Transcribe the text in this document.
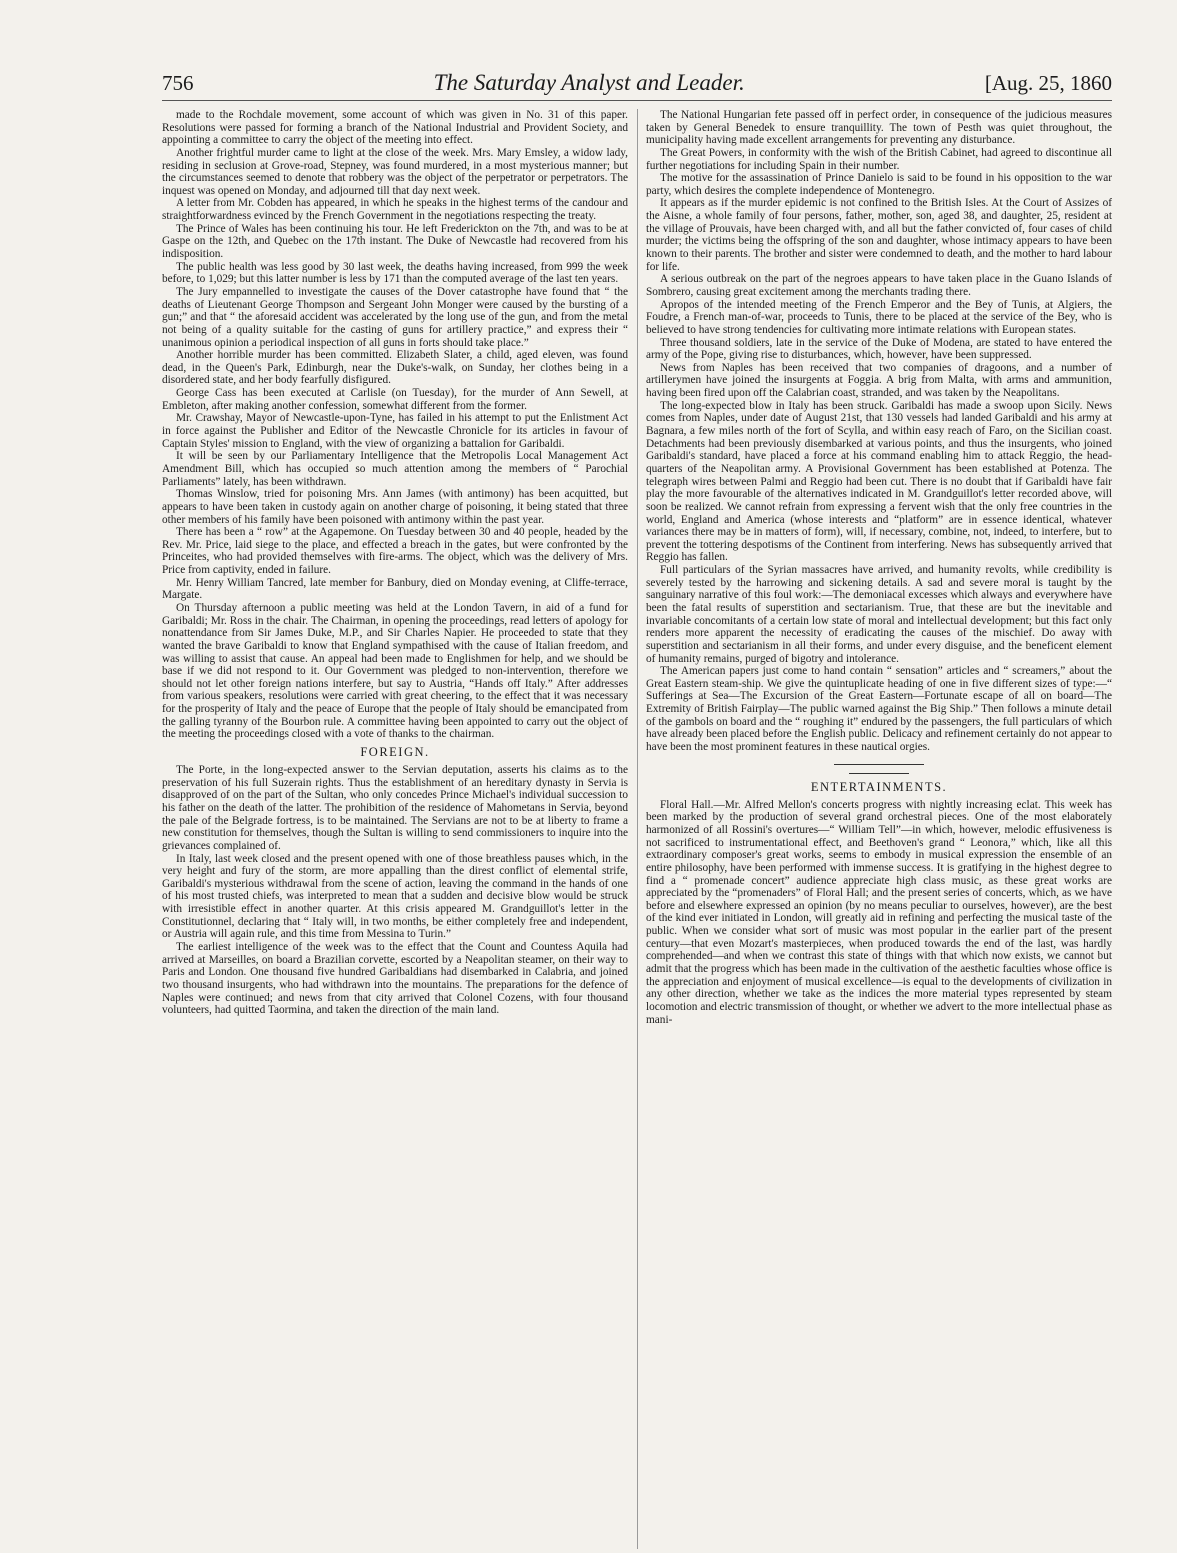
756	The Saturday Analyst and Leader.	[Aug. 25, 1860

made to the Rochdale movement, some account of which was given in No. 31 of this paper. Resolutions were passed for forming a branch of the National Industrial and Provident Society, and appointing a committee to carry the object of the meeting into effect.

Another frightful murder came to light at the close of the week. Mrs. Mary Emsley, a widow lady, residing in seclusion at Grove-road, Stepney, was found murdered, in a most mysterious manner; but the circumstances seemed to denote that robbery was the object of the perpetrator or perpetrators. The inquest was opened on Monday, and adjourned till that day next week.

A letter from Mr. Cobden has appeared, in which he speaks in the highest terms of the candour and straightforwardness evinced by the French Government in the negotiations respecting the treaty.

The Prince of Wales has been continuing his tour. He left Frederickton on the 7th, and was to be at Gaspe on the 12th, and Quebec on the 17th instant. The Duke of Newcastle had recovered from his indisposition.

The public health was less good by 30 last week, the deaths having increased, from 999 the week before, to 1,029; but this latter number is less by 171 than the computed average of the last ten years.

The Jury empannelled to investigate the causes of the Dover catastrophe have found that “ the deaths of Lieutenant George Thompson and Sergeant John Monger were caused by the bursting of a gun;” and that “ the aforesaid accident was accelerated by the long use of the gun, and from the metal not being of a quality suitable for the casting of guns for artillery practice,” and express their “ unanimous opinion a periodical inspection of all guns in forts should take place.”

Another horrible murder has been committed. Elizabeth Slater, a child, aged eleven, was found dead, in the Queen's Park, Edinburgh, near the Duke's-walk, on Sunday, her clothes being in a disordered state, and her body fearfully disfigured.

George Cass has been executed at Carlisle (on Tuesday), for the murder of Ann Sewell, at Embleton, after making another confession, somewhat different from the former.

Mr. Crawshay, Mayor of Newcastle-upon-Tyne, has failed in his attempt to put the Enlistment Act in force against the Publisher and Editor of the Newcastle Chronicle for its articles in favour of Captain Styles' mission to England, with the view of organizing a battalion for Garibaldi.

It will be seen by our Parliamentary Intelligence that the Metropolis Local Management Act Amendment Bill, which has occupied so much attention among the members of “ Parochial Parliaments” lately, has been withdrawn.

Thomas Winslow, tried for poisoning Mrs. Ann James (with antimony) has been acquitted, but appears to have been taken in custody again on another charge of poisoning, it being stated that three other members of his family have been poisoned with antimony within the past year.

There has been a “ row” at the Agapemone. On Tuesday between 30 and 40 people, headed by the Rev. Mr. Price, laid siege to the place, and effected a breach in the gates, but were confronted by the Princeites, who had provided themselves with fire-arms. The object, which was the delivery of Mrs. Price from captivity, ended in failure.

Mr. Henry William Tancred, late member for Banbury, died on Monday evening, at Cliffe-terrace, Margate.

On Thursday afternoon a public meeting was held at the London Tavern, in aid of a fund for Garibaldi; Mr. Ross in the chair. The Chairman, in opening the proceedings, read letters of apology for nonattendance from Sir James Duke, M.P., and Sir Charles Napier. He proceeded to state that they wanted the brave Garibaldi to know that England sympathised with the cause of Italian freedom, and was willing to assist that cause. An appeal had been made to Englishmen for help, and we should be base if we did not respond to it. Our Government was pledged to non-intervention, therefore we should not let other foreign nations interfere, but say to Austria, “Hands off Italy.” After addresses from various speakers, resolutions were carried with great cheering, to the effect that it was necessary for the prosperity of Italy and the peace of Europe that the people of Italy should be emancipated from the galling tyranny of the Bourbon rule. A committee having been appointed to carry out the object of the meeting the proceedings closed with a vote of thanks to the chairman.

FOREIGN.

The Porte, in the long-expected answer to the Servian deputation, asserts his claims as to the preservation of his full Suzerain rights. Thus the establishment of an hereditary dynasty in Servia is disapproved of on the part of the Sultan, who only concedes Prince Michael's individual succession to his father on the death of the latter. The prohibition of the residence of Mahometans in Servia, beyond the pale of the Belgrade fortress, is to be maintained. The Servians are not to be at liberty to frame a new constitution for themselves, though the Sultan is willing to send commissioners to inquire into the grievances complained of.

In Italy, last week closed and the present opened with one of those breathless pauses which, in the very height and fury of the storm, are more appalling than the direst conflict of elemental strife, Garibaldi's mysterious withdrawal from the scene of action, leaving the command in the hands of one of his most trusted chiefs, was interpreted to mean that a sudden and decisive blow would be struck with irresistible effect in another quarter. At this crisis appeared M. Grandguillot's letter in the Constitutionnel, declaring that “ Italy will, in two months, be either completely free and independent, or Austria will again rule, and this time from Messina to Turin.”

The earliest intelligence of the week was to the effect that the Count and Countess Aquila had arrived at Marseilles, on board a Brazilian corvette, escorted by a Neapolitan steamer, on their way to Paris and London. One thousand five hundred Garibaldians had disembarked in Calabria, and joined two thousand insurgents, who had withdrawn into the mountains. The preparations for the defence of Naples were continued; and news from that city arrived that Colonel Cozens, with four thousand volunteers, had quitted Taormina, and taken the direction of the main land.

The National Hungarian fete passed off in perfect order, in consequence of the judicious measures taken by General Benedek to ensure tranquillity. The town of Pesth was quiet throughout, the municipality having made excellent arrangements for preventing any disturbance.

The Great Powers, in conformity with the wish of the British Cabinet, had agreed to discontinue all further negotiations for including Spain in their number.

The motive for the assassination of Prince Danielo is said to be found in his opposition to the war party, which desires the complete independence of Montenegro.

It appears as if the murder epidemic is not confined to the British Isles. At the Court of Assizes of the Aisne, a whole family of four persons, father, mother, son, aged 38, and daughter, 25, resident at the village of Prouvais, have been charged with, and all but the father convicted of, four cases of child murder; the victims being the offspring of the son and daughter, whose intimacy appears to have been known to their parents. The brother and sister were condemned to death, and the mother to hard labour for life.

A serious outbreak on the part of the negroes appears to have taken place in the Guano Islands of Sombrero, causing great excitement among the merchants trading there.

Apropos of the intended meeting of the French Emperor and the Bey of Tunis, at Algiers, the Foudre, a French man-of-war, proceeds to Tunis, there to be placed at the service of the Bey, who is believed to have strong tendencies for cultivating more intimate relations with European states.

Three thousand soldiers, late in the service of the Duke of Modena, are stated to have entered the army of the Pope, giving rise to disturbances, which, however, have been suppressed.

News from Naples has been received that two companies of dragoons, and a number of artillerymen have joined the insurgents at Foggia. A brig from Malta, with arms and ammunition, having been fired upon off the Calabrian coast, stranded, and was taken by the Neapolitans.

The long-expected blow in Italy has been struck. Garibaldi has made a swoop upon Sicily. News comes from Naples, under date of August 21st, that 130 vessels had landed Garibaldi and his army at Bagnara, a few miles north of the fort of Scylla, and within easy reach of Faro, on the Sicilian coast. Detachments had been previously disembarked at various points, and thus the insurgents, who joined Garibaldi's standard, have placed a force at his command enabling him to attack Reggio, the head-quarters of the Neapolitan army. A Provisional Government has been established at Potenza. The telegraph wires between Palmi and Reggio had been cut. There is no doubt that if Garibaldi have fair play the more favourable of the alternatives indicated in M. Grandguillot's letter recorded above, will soon be realized. We cannot refrain from expressing a fervent wish that the only free countries in the world, England and America (whose interests and “platform” are in essence identical, whatever variances there may be in matters of form), will, if necessary, combine, not, indeed, to interfere, but to prevent the tottering despotisms of the Continent from interfering. News has subsequently arrived that Reggio has fallen.

Full particulars of the Syrian massacres have arrived, and humanity revolts, while credibility is severely tested by the harrowing and sickening details. A sad and severe moral is taught by the sanguinary narrative of this foul work:—The demoniacal excesses which always and everywhere have been the fatal results of superstition and sectarianism. True, that these are but the inevitable and invariable concomitants of a certain low state of moral and intellectual development; but this fact only renders more apparent the necessity of eradicating the causes of the mischief. Do away with superstition and sectarianism in all their forms, and under every disguise, and the beneficent element of humanity remains, purged of bigotry and intolerance.

The American papers just come to hand contain “ sensation” articles and “ screamers,” about the Great Eastern steam-ship. We give the quintuplicate heading of one in five different sizes of type:—“ Sufferings at Sea—The Excursion of the Great Eastern—Fortunate escape of all on board—The Extremity of British Fairplay—The public warned against the Big Ship.” Then follows a minute detail of the gambols on board and the “ roughing it” endured by the passengers, the full particulars of which have already been placed before the English public. Delicacy and refinement certainly do not appear to have been the most prominent features in these nautical orgies.

ENTERTAINMENTS.

Floral Hall.—Mr. Alfred Mellon's concerts progress with nightly increasing eclat. This week has been marked by the production of several grand orchestral pieces. One of the most elaborately harmonized of all Rossini's overtures—“ William Tell”—in which, however, melodic effusiveness is not sacrificed to instrumentational effect, and Beethoven's grand “ Leonora,” which, like all this extraordinary composer's great works, seems to embody in musical expression the ensemble of an entire philosophy, have been performed with immense success. It is gratifying in the highest degree to find a “ promenade concert” audience appreciate high class music, as these great works are appreciated by the “promenaders” of Floral Hall; and the present series of concerts, which, as we have before and elsewhere expressed an opinion (by no means peculiar to ourselves, however), are the best of the kind ever initiated in London, will greatly aid in refining and perfecting the musical taste of the public. When we consider what sort of music was most popular in the earlier part of the present century—that even Mozart's masterpieces, when produced towards the end of the last, was hardly comprehended—and when we contrast this state of things with that which now exists, we cannot but admit that the progress which has been made in the cultivation of the aesthetic faculties whose office is the appreciation and enjoyment of musical excellence—is equal to the developments of civilization in any other direction, whether we take as the indices the more material types represented by steam locomotion and electric transmission of thought, or whether we advert to the more intellectual phase as mani-
